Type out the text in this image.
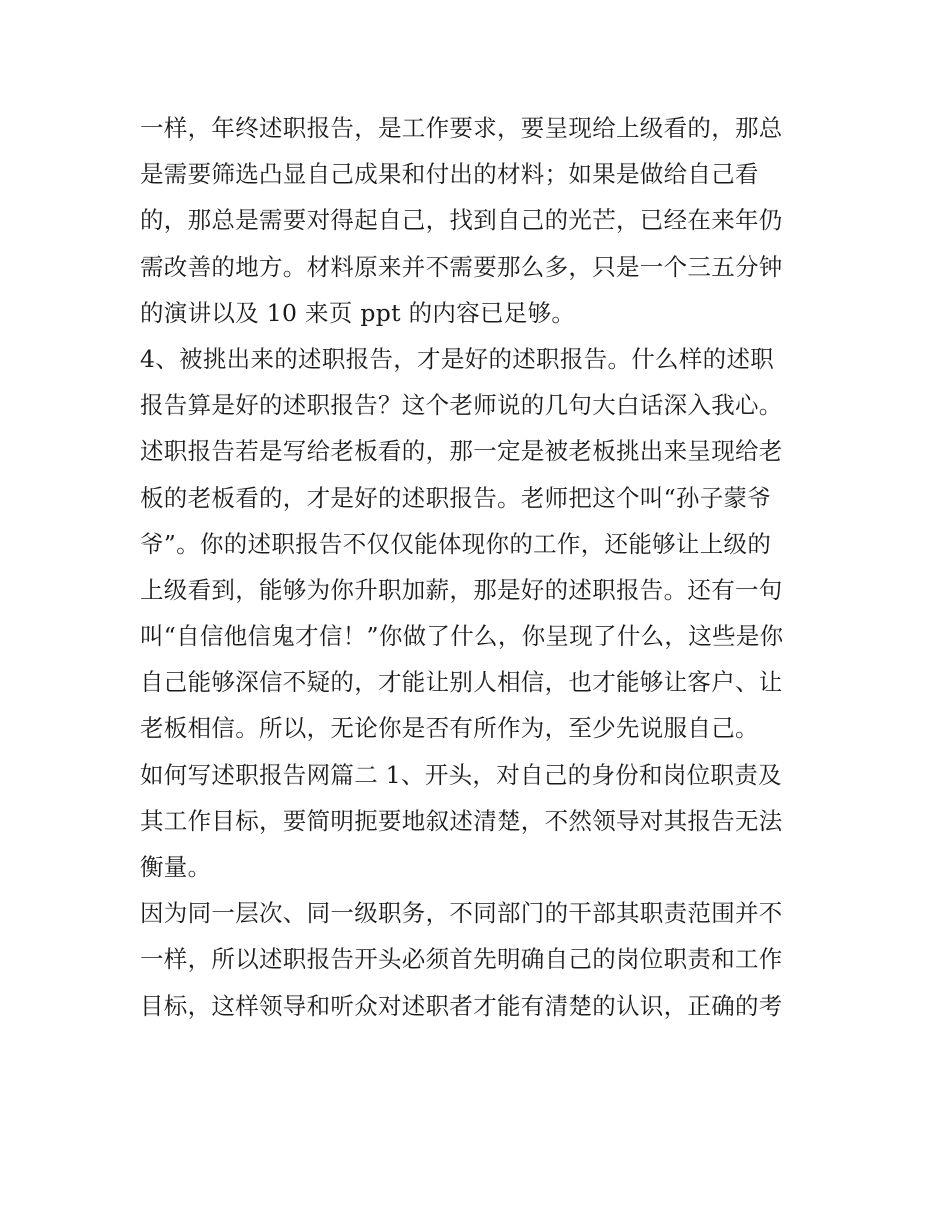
一样，年终述职报告，是工作要求，要呈现给上级看的，那总
是需要筛选凸显自己成果和付出的材料；如果是做给自己看
的，那总是需要对得起自己，找到自己的光芒，已经在来年仍
需改善的地方。材料原来并不需要那么多，只是一个三五分钟
的演讲以及 10 来页 ppt 的内容已足够。
4、被挑出来的述职报告，才是好的述职报告。什么样的述职
报告算是好的述职报告？这个老师说的几句大白话深入我心。
述职报告若是写给老板看的，那一定是被老板挑出来呈现给老
板的老板看的，才是好的述职报告。老师把这个叫“孙子蒙爷
爷”。你的述职报告不仅仅能体现你的工作，还能够让上级的
上级看到，能够为你升职加薪，那是好的述职报告。还有一句
叫“自信他信鬼才信！”你做了什么，你呈现了什么，这些是你
自己能够深信不疑的，才能让别人相信，也才能够让客户、让
老板相信。所以，无论你是否有所作为，至少先说服自己。
如何写述职报告网篇二 1、开头，对自己的身份和岗位职责及
其工作目标，要简明扼要地叙述清楚，不然领导对其报告无法
衡量。
因为同一层次、同一级职务，不同部门的干部其职责范围并不
一样，所以述职报告开头必须首先明确自己的岗位职责和工作
目标，这样领导和听众对述职者才能有清楚的认识，正确的考
